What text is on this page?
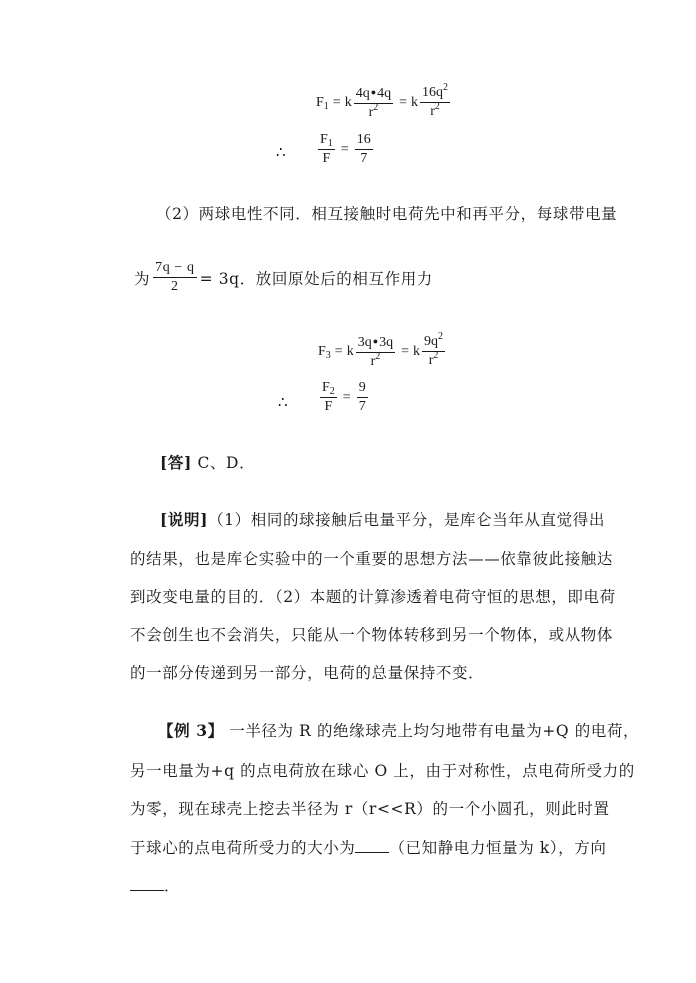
$F_1 = k \frac{4q●4q}{r^2} = k \frac{16q^2}{r^2}$
∴ $\frac{F_1}{F} = \frac{16}{7}$
（2）两球电性不同．相互接触时电荷先中和再平分，每球带电量
为 $\frac{7q - q}{2} = 3q$．放回原处后的相互作用力
$F_3 = k \frac{3q●3q}{r^2} = k \frac{9q^2}{r^2}$
∴ $\frac{F_2}{F} = \frac{9}{7}$
[答] C、D．
[说明]（1）相同的球接触后电量平分，是库仑当年从直觉得出
的结果，也是库仑实验中的一个重要的思想方法——依靠彼此接触达
到改变电量的目的．（2）本题的计算渗透着电荷守恒的思想，即电荷
不会创生也不会消失，只能从一个物体转移到另一个物体，或从物体
的一部分传递到另一部分，电荷的总量保持不变．
【例 3】 一半径为 R 的绝缘球壳上均匀地带有电量为+Q 的电荷，
另一电量为+q 的点电荷放在球心 O 上，由于对称性，点电荷所受力的
为零，现在球壳上挖去半径为 r（r<<R）的一个小圆孔，则此时置
于球心的点电荷所受力的大小为 （已知静电力恒量为 k），方向
．
